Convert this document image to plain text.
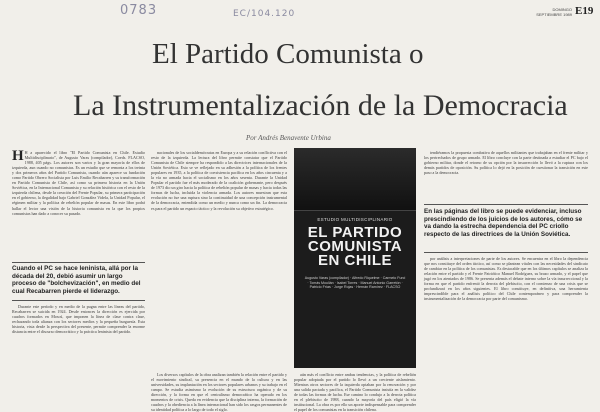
0783	EC/104.120	DOMINGO
SEPTIEMBRE 1989 E19
El Partido Comunista o
La Instrumentalización de la Democracia
Por Andrés Benavente Urbina
H H a aparecido el libro "El Partido Comunista en Chile. Estudio Multidisciplinario", de Augusto Varas (compilador), Coeds. FLACSO, 1988, 405 págs. Los autores son varios y la gran mayoría de ellos de izquierda, aun cuando no comunistas. Es un estudio que se remonta a los treinta y dos primeros años del Partido Comunista, cuando aún aparece su fundación como Partido Obrero Socialista por Luis Emilio Recabarren y su transformación en Partido Comunista de Chile, así como su primera historia en la Unión Soviética, en la Internacional Comunista y su relación histórica con el resto de la izquierda chilena, desde la creación del Frente Popular, su primera participación en el gobierno, la ilegalidad bajo Gabriel González Videla, la Unidad Popular, el régimen militar y la política de rebelión popular de masas. En este libro podrá hallar el lector una visión de la historia comunista en la que los propios comunistas han dado a conocer su pasado.

Cuando el PC se hace leninista, allá por la década del 20, debió asumir un largo proceso de "bolchevización", en medio del cual Recabarren pierde el liderazgo.

Durante este período y en medio de la pugna entre las líneas del partido, Recabarren se suicida en 1924. Desde entonces la dirección es ejercida por cuadros formados en Moscú, que imponen la línea de clase contra clase, rechazando toda alianza con los sectores medios y la pequeña burguesía. Esta historia, vista desde la perspectiva del presente, permite comprender la enorme distancia entre el discurso democrático y la práctica leninista del partido.

nacionales de los socialdemócratas en Europa y a su relación conflictiva con el resto de la izquierda. La lectura del libro permite constatar que el Partido Comunista de Chile siempre ha respondido a las directrices internacionales de la Unión Soviética. Esto se ve reflejado en su adhesión a la política de los frentes populares en 1935, a la política de coexistencia pacífica en los años cincuenta y a la vía no armada hacia el socialismo en los años sesenta. Durante la Unidad Popular el partido fue el más moderado de la coalición gobernante, pero después de 1973 dio un giro hacia la política de rebelión popular de masas y hacia todas las formas de lucha, incluida la violencia armada. Los autores muestran que esta evolución no fue una ruptura sino la continuidad de una concepción instrumental de la democracia, entendida como un medio y nunca como un fin. La democracia es para el partido un espacio táctico y la revolución su objetivo estratégico.

Los diversos capítulos de la obra analizan también la relación entre el partido y el movimiento sindical, su presencia en el mundo de la cultura y en las universidades, su implantación en los sectores populares urbanos y su trabajo en el campo. Se estudia asimismo la evolución de su estructura orgánica y de su dirección, y la forma en que el centralismo democrático ha operado en los momentos de crisis. Queda en evidencia que la disciplina interna, la formación de cuadros y la obediencia a la línea internacional han sido los rasgos permanentes de su identidad política a lo largo de todo el siglo.

ESTUDIO MULTIDISCIPLINARIO
EL PARTIDO COMUNISTA EN CHILE
Augusto Varas (compilador) · Alfredo Riquelme · Carmelo Furci · Tomás Moulián · Isabel Torres · Manuel Antonio Garretón · Patricio Frías · Jorge Rojas · Hernán Ramírez · FLACSO

aún más el conflicto entre ambas tendencias, y la política de rebelión popular adoptada por el partido lo llevó a un creciente aislamiento. Mientras otros sectores de la izquierda optaban por la renovación y por una salida pactada y pacífica, el Partido Comunista insistía en la validez de todas las formas de lucha. Ese camino lo condujo a la derrota política en el plebiscito de 1988, cuando la mayoría del país eligió la vía institucional. La obra es por ello un aporte indispensable para comprender el papel de los comunistas en la transición chilena.

tendiéramos la propuesta combativa de aquellos militantes que trabajaban en el frente militar y los pertrechados de grupo armado. El libro concluye con la parte destinada a estudiar el PC bajo el gobierno militar, donde el retorno de su opción por la insurrección lo llevó a la ruptura con los demás partidos de oposición. Su política lo dejó en la posición de cuestionar la transición en este paso a la democracia.

En las páginas del libro se puede evidenciar, incluso prescindiendo de los juicios de los autores, cómo se va dando la estrecha dependencia del PC criollo respecto de las directrices de la Unión Soviética.

por análisis a interpretaciones de parte de los autores. Se encuentra en el libro la dependencia que nos constituye del orden táctico, así como se plantean vitales con las necesidades del sindicato de cambiar en la política de los comunistas. Es destacable que en los últimos capítulos se analiza la relación entre el partido y el Frente Patriótico Manuel Rodríguez, su brazo armado, y el papel que jugó en los atentados de 1986. Se presenta además el debate interno sobre la vía insurreccional y la forma en que el partido enfrentó la derrota del plebiscito, con el comienzo de una crisis que se profundizará en los años siguientes. El libro constituye, en definitiva, una herramienta imprescindible para el análisis político del Chile contemporáneo y para comprender la instrumentalización de la democracia por parte del comunismo.
